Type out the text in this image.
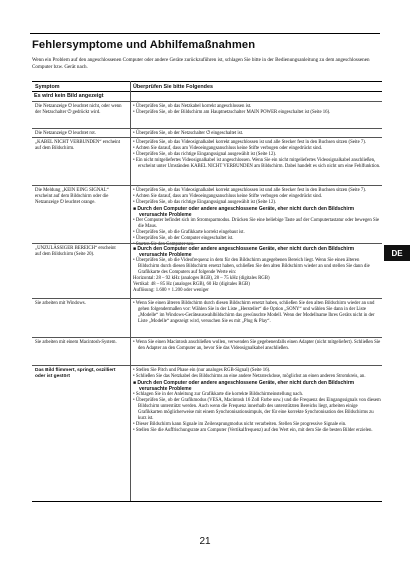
Fehlersymptome und Abhilfemaßnahmen
Wenn ein Problem auf den angeschlossenen Computer oder andere Geräte zurückzuführen ist, schlagen Sie bitte in der Bedienungsanleitung zu dem angeschlossenen Computer bzw. Gerät nach.
Symptom	Überprüfen Sie bitte Folgendes
Es wird kein Bild angezeigt
Die Netzanzeige ⏻ leuchtet nicht, oder wenn der Netzschalter ⏻ gedrückt wird.
• Überprüfen Sie, ob das Netzkabel korrekt angeschlossen ist.
• Überprüfen Sie, ob der Bildschirm am Hauptnetzschalter MAIN POWER eingeschaltet ist (Seite 16).
Die Netzanzeige ⏻ leuchtet rot.	• Überprüfen Sie, ob der Netzschalter ⏻ eingeschaltet ist.
„KABEL NICHT VERBUNDEN“ erscheint auf dem Bildschirm.
• Überprüfen Sie, ob das Videosignalkabel korrekt angeschlossen ist und alle Stecker fest in den Buchsen sitzen (Seite 7).
• Achten Sie darauf, dass am Videoeingangsanschluss keine Stifte verbogen oder eingedrückt sind.
• Überprüfen Sie, ob das richtige Eingangssignal ausgewählt ist (Seite 12).
• Ein nicht mitgeliefertes Videosignalkabel ist angeschlossen. Wenn Sie ein nicht mitgeliefertes Videosignalkabel anschließen, erscheint unter Umständen KABEL NICHT VERBUNDEN am Bildschirm. Dabei handelt es sich nicht um eine Fehlfunktion.
Die Meldung „KEIN EING SIGNAL“ erscheint auf dem Bildschirm oder die Netzanzeige ⏻ leuchtet orange.
• Überprüfen Sie, ob das Videosignalkabel korrekt angeschlossen ist und alle Stecker fest in den Buchsen sitzen (Seite 7).
• Achten Sie darauf, dass am Videoeingangsanschluss keine Stifte verbogen oder eingedrückt sind.
• Überprüfen Sie, ob das richtige Eingangssignal ausgewählt ist (Seite 12).
■ Durch den Computer oder andere angeschlossene Geräte, eher nicht durch den Bildschirm verursachte Probleme
• Der Computer befindet sich im Stromsparmodus. Drücken Sie eine beliebige Taste auf der Computertastatur oder bewegen Sie die Maus.
• Überprüfen Sie, ob die Grafikkarte korrekt eingebaut ist.
• Überprüfen Sie, ob der Computer eingeschaltet ist.
• Starten Sie den Computer neu.
„UNZULÄSSIGER BEREICH“ erscheint auf dem Bildschirm (Seite 20).
■ Durch den Computer oder andere angeschlossene Geräte, eher nicht durch den Bildschirm verursachte Probleme
• Überprüfen Sie, ob die Videofrequenz in dem für den Bildschirm angegebenen Bereich liegt. Wenn Sie einen älteren Bildschirm durch diesen Bildschirm ersetzt haben, schließen Sie den alten Bildschirm wieder an und stellen Sie dann die Grafikkarte des Computers auf folgende Werte ein:
Horizontal: 28 – 92 kHz (analoges RGB), 28 – 75 kHz (digitales RGB)
Vertikal: 48 – 85 Hz (analoges RGB), 60 Hz (digitales RGB)
Auflösung: 1.600 × 1.200 oder weniger
Sie arbeiten mit Windows.	• Wenn Sie einen älteren Bildschirm durch diesen Bildschirm ersetzt haben, schließen Sie den alten Bildschirm wieder an und gehen folgendermaßen vor: Wählen Sie in der Liste „Hersteller“ die Option „SONY“ und wählen Sie dann in der Liste „Modelle“ im Windows-Geräteauswahlbildschirm das gewünschte Modell. Wenn der Modellname Ihres Geräts nicht in der Liste „Modelle“ angezeigt wird, versuchen Sie es mit „Plug & Play“.
Sie arbeiten mit einem Macintosh-System.	• Wenn Sie einen Macintosh anschließen wollen, verwenden Sie gegebenenfalls einen Adapter (nicht mitgeliefert). Schließen Sie den Adapter an den Computer an, bevor Sie das Videosignalkabel anschließen.
Das Bild flimmert, springt, oszilliert oder ist gestört
• Stellen Sie Pitch und Phase ein (nur analoges RGB-Signal) (Seite 16).
• Schließen Sie das Netzkabel des Bildschirms an eine andere Netzsteckdose, möglichst an einen anderen Stromkreis, an.
■ Durch den Computer oder andere angeschlossene Geräte, eher nicht durch den Bildschirm verursachte Probleme
• Schlagen Sie in der Anleitung zur Grafikkarte die korrekte Bildschirmeinstellung nach.
• Überprüfen Sie, ob der Grafikmodus (VESA, Macintosh 16 Zoll Farbe usw.) und die Frequenz des Eingangssignals von diesem Bildschirm unterstützt werden. Auch wenn die Frequenz innerhalb des unterstützten Bereichs liegt, arbeiten einige Grafikkarten möglicherweise mit einem Synchronisationsimpuls, der für eine korrekte Synchronisation des Bildschirms zu kurz ist.
• Dieser Bildschirm kann Signale im Zeilensprungmodus nicht verarbeiten. Stellen Sie progressive Signale ein.
• Stellen Sie die Auffrischungsrate am Computer (Vertikalfrequenz) auf den Wert ein, mit dem Sie die besten Bilder erzielen.
DE
21
